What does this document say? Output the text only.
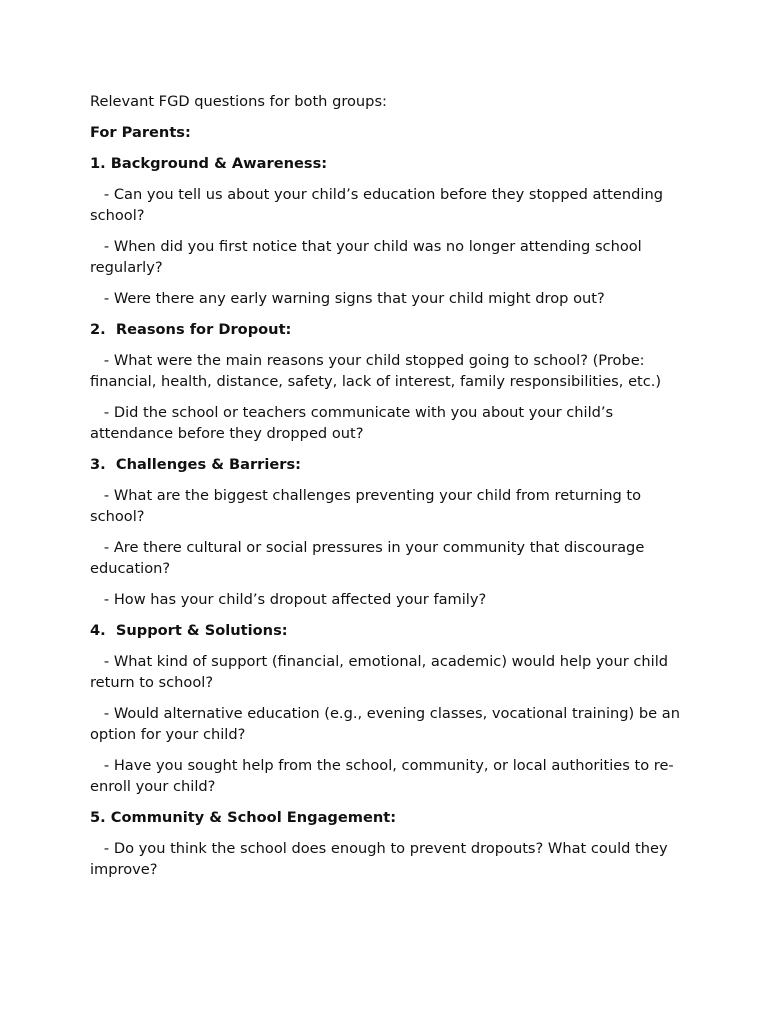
Relevant FGD questions for both groups:

For Parents:

1. Background & Awareness:

- Can you tell us about your child’s education before they stopped attending school?

- When did you first notice that your child was no longer attending school regularly?

- Were there any early warning signs that your child might drop out?

2.  Reasons for Dropout:

- What were the main reasons your child stopped going to school? (Probe: financial, health, distance, safety, lack of interest, family responsibilities, etc.)

- Did the school or teachers communicate with you about your child’s attendance before they dropped out?

3.  Challenges & Barriers:

- What are the biggest challenges preventing your child from returning to school?

- Are there cultural or social pressures in your community that discourage education?

- How has your child’s dropout affected your family?

4.  Support & Solutions:

- What kind of support (financial, emotional, academic) would help your child return to school?

- Would alternative education (e.g., evening classes, vocational training) be an option for your child?

- Have you sought help from the school, community, or local authorities to re-enroll your child?

5. Community & School Engagement:

- Do you think the school does enough to prevent dropouts? What could they improve?
